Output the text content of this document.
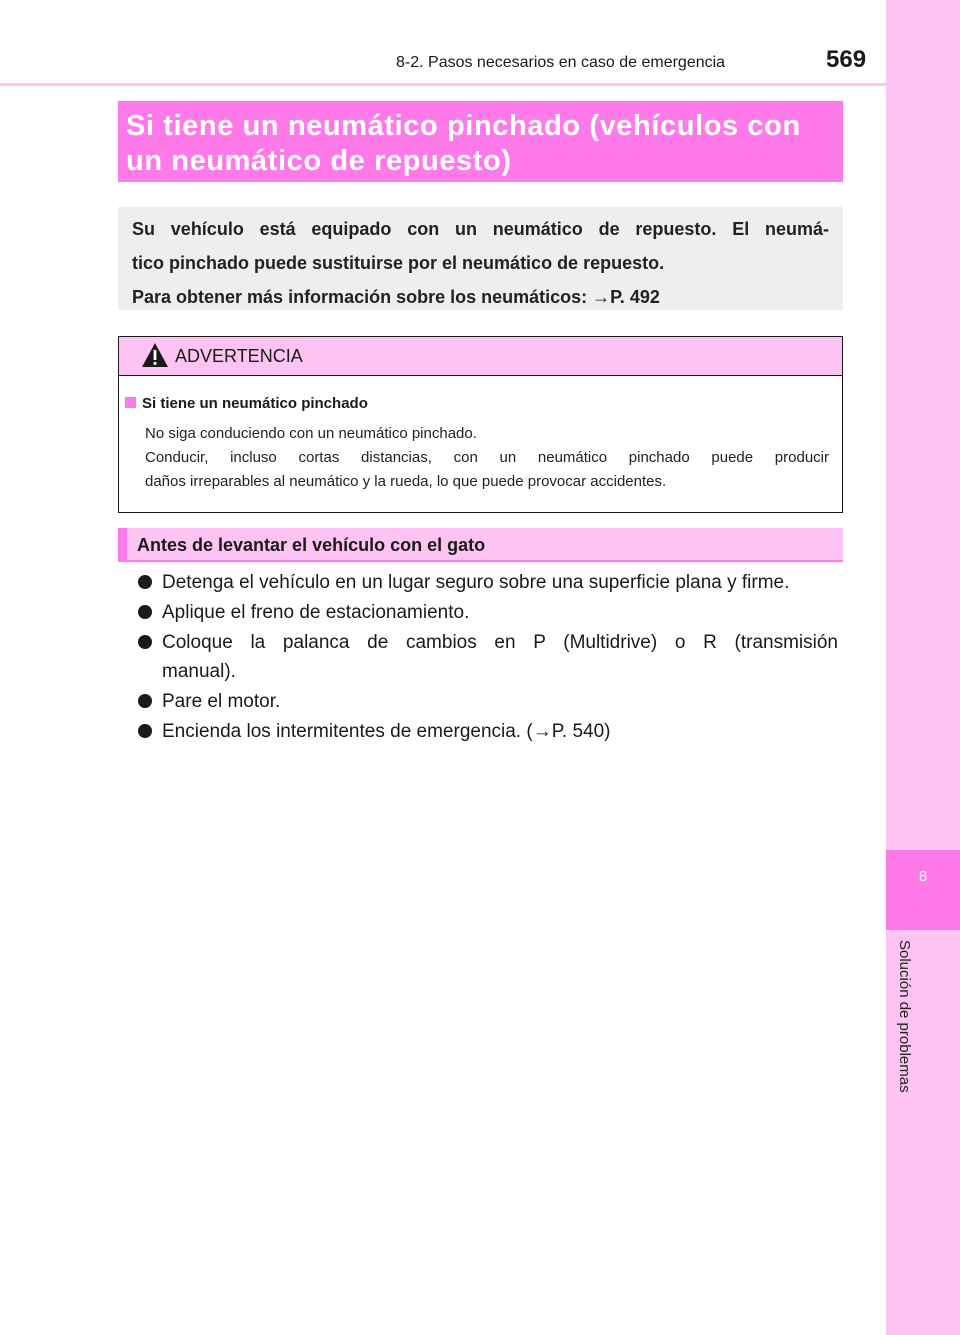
8
Solución de problemas
8-2. Pasos necesarios en caso de emergencia	569
Si tiene un neumático pinchado (vehículos con
un neumático de repuesto)

Su vehículo está equipado con un neumático de repuesto. El neumá-

tico pinchado puede sustituirse por el neumático de repuesto.

Para obtener más información sobre los neumáticos: →P. 492

ADVERTENCIA
Si tiene un neumático pinchado
No siga conduciendo con un neumático pinchado.
Conducir, incluso cortas distancias, con un neumático pinchado puede producir
daños irreparables al neumático y la rueda, lo que puede provocar accidentes.
Antes de levantar el vehículo con el gato
Detenga el vehículo en un lugar seguro sobre una superficie plana y firme.
Aplique el freno de estacionamiento.
Coloque la palanca de cambios en P (Multidrive) o R (transmisión
manual).
Pare el motor.
Encienda los intermitentes de emergencia. (→P. 540)
